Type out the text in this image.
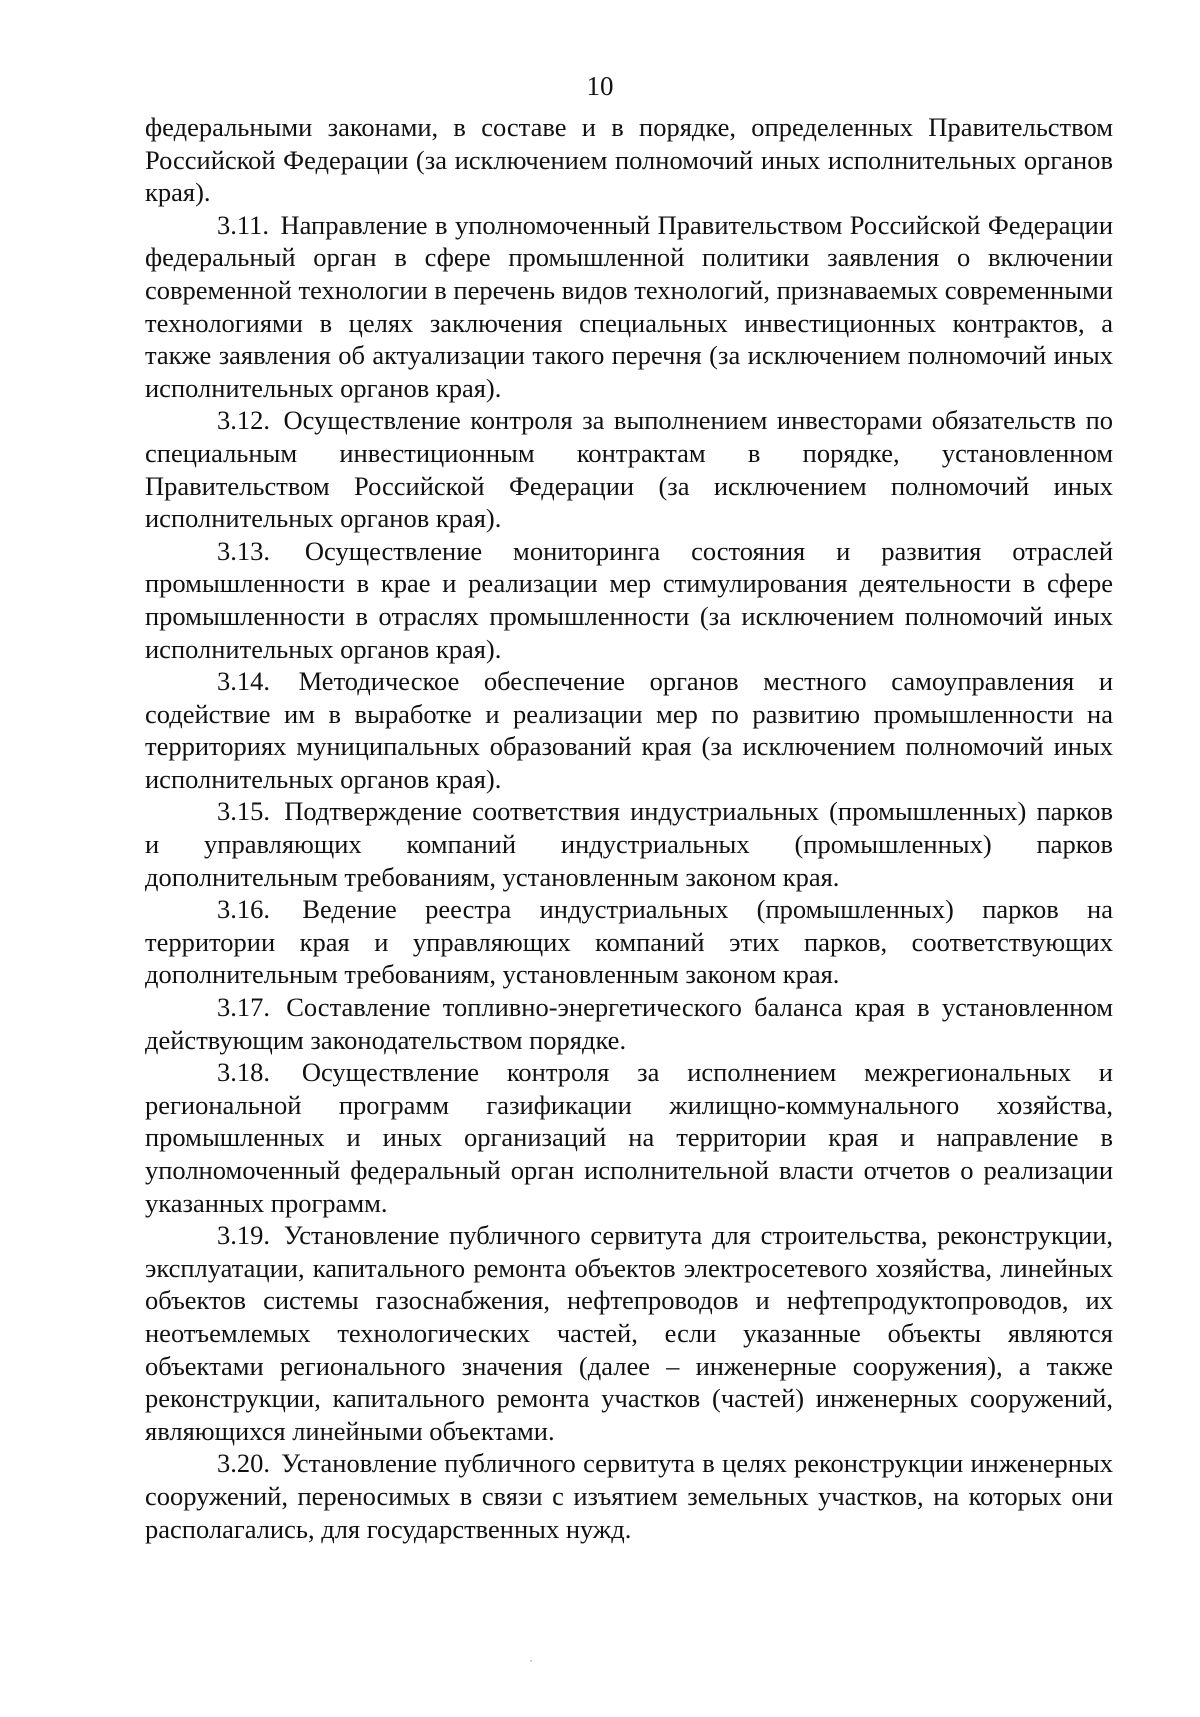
10

федеральными законами, в составе и в порядке, определенных Правительством Российской Федерации (за исключением полномочий иных исполнительных органов края).

3.11. Направление в уполномоченный Правительством Российской Федерации федеральный орган в сфере промышленной политики заявления о включении современной технологии в перечень видов технологий, признаваемых современными технологиями в целях заключения специальных инвестиционных контрактов, а также заявления об актуализации такого перечня (за исключением полномочий иных исполнительных органов края).

3.12. Осуществление контроля за выполнением инвесторами обязательств по специальным инвестиционным контрактам в порядке, установленном Правительством Российской Федерации (за исключением полномочий иных исполнительных органов края).

3.13. Осуществление мониторинга состояния и развития отраслей промышленности в крае и реализации мер стимулирования деятельности в сфере промышленности в отраслях промышленности (за исключением полномочий иных исполнительных органов края).

3.14. Методическое обеспечение органов местного самоуправления и содействие им в выработке и реализации мер по развитию промышленности на территориях муниципальных образований края (за исключением полномочий иных исполнительных органов края).

3.15. Подтверждение соответствия индустриальных (промышленных) парков и управляющих компаний индустриальных (промышленных) парков дополнительным требованиям, установленным законом края.

3.16. Ведение реестра индустриальных (промышленных) парков на территории края и управляющих компаний этих парков, соответствующих дополнительным требованиям, установленным законом края.

3.17. Составление топливно-энергетического баланса края в установленном действующим законодательством порядке.

3.18. Осуществление контроля за исполнением межрегиональных и региональной программ газификации жилищно-коммунального хозяйства, промышленных и иных организаций на территории края и направление в уполномоченный федеральный орган исполнительной власти отчетов о реализации указанных программ.

3.19. Установление публичного сервитута для строительства, реконструкции, эксплуатации, капитального ремонта объектов электросетевого хозяйства, линейных объектов системы газоснабжения, нефтепроводов и нефтепродуктопроводов, их неотъемлемых технологических частей, если указанные объекты являются объектами регионального значения (далее – инженерные сооружения), а также реконструкции, капитального ремонта участков (частей) инженерных сооружений, являющихся линейными объектами.

3.20. Установление публичного сервитута в целях реконструкции инженерных сооружений, переносимых в связи с изъятием земельных участков, на которых они располагались, для государственных нужд.
